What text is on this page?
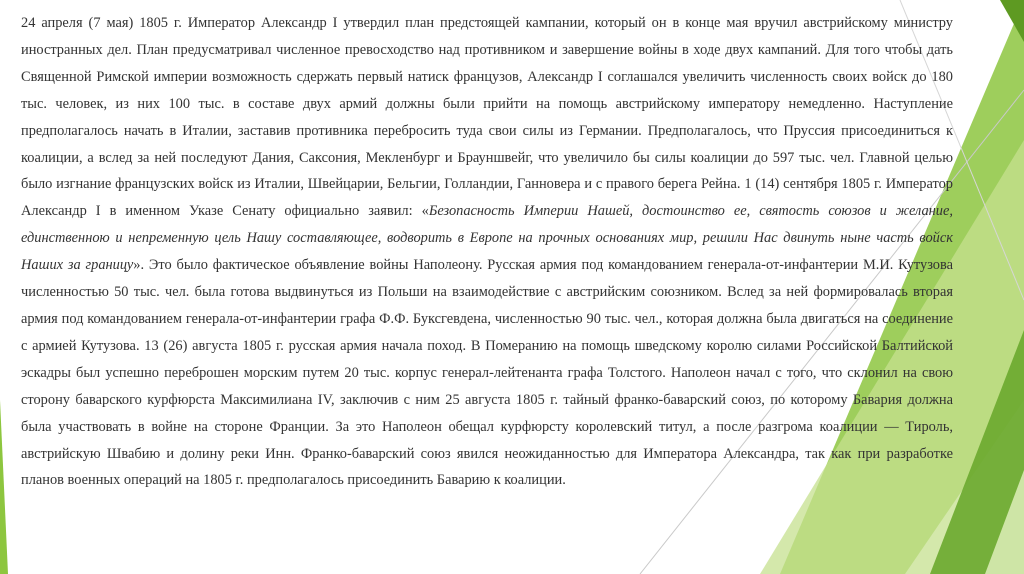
24 апреля (7 мая) 1805 г. Император Александр I утвердил план предстоящей кампании, который он в конце мая вручил австрийскому министру иностранных дел. План предусматривал численное превосходство над противником и завершение войны в ходе двух кампаний. Для того чтобы дать Священной Римской империи возможность сдержать первый натиск французов, Александр I соглашался увеличить численность своих войск до 180 тыс. человек, из них 100 тыс. в составе двух армий должны были прийти на помощь австрийскому императору немедленно. Наступление предполагалось начать в Италии, заставив противника перебросить туда свои силы из Германии. Предполагалось, что Пруссия присоединиться к коалиции, а вслед за ней последуют Дания, Саксония, Мекленбург и Брауншвейг, что увеличило бы силы коалиции до 597 тыс. чел. Главной целью было изгнание французских войск из Италии, Швейцарии, Бельгии, Голландии, Ганновера и с правого берега Рейна. 1 (14) сентября 1805 г. Император Александр I в именном Указе Сенату официально заявил: «Безопасность Империи Нашей, достоинство ее, святость союзов и желание, единственною и непременную цель Нашу составляющее, водворить в Европе на прочных основаниях мир, решили Нас двинуть ныне часть войск Наших за границу». Это было фактическое объявление войны Наполеону. Русская армия под командованием генерала-от-инфантерии М.И. Кутузова численностью 50 тыс. чел. была готова выдвинуться из Польши на взаимодействие с австрийским союзником. Вслед за ней формировалась вторая армия под командованием генерала-от-инфантерии графа Ф.Ф. Буксгевдена, численностью 90 тыс. чел., которая должна была двигаться на соединение с армией Кутузова. 13 (26) августа 1805 г. русская армия начала поход. В Померанию на помощь шведскому королю силами Российской Балтийской эскадры был успешно переброшен морским путем 20 тыс. корпус генерал-лейтенанта графа Толстого. Наполеон начал с того, что склонил на свою сторону баварского курфюрста Максимилиана IV, заключив с ним 25 августа 1805 г. тайный франко-баварский союз, по которому Бавария должна была участвовать в войне на стороне Франции. За это Наполеон обещал курфюрсту королевский титул, а после разгрома коалиции — Тироль, австрийскую Швабию и долину реки Инн. Франко-баварский союз явился неожиданностью для Императора Александра, так как при разработке планов военных операций на 1805 г. предполагалось присоединить Баварию к коалиции.
